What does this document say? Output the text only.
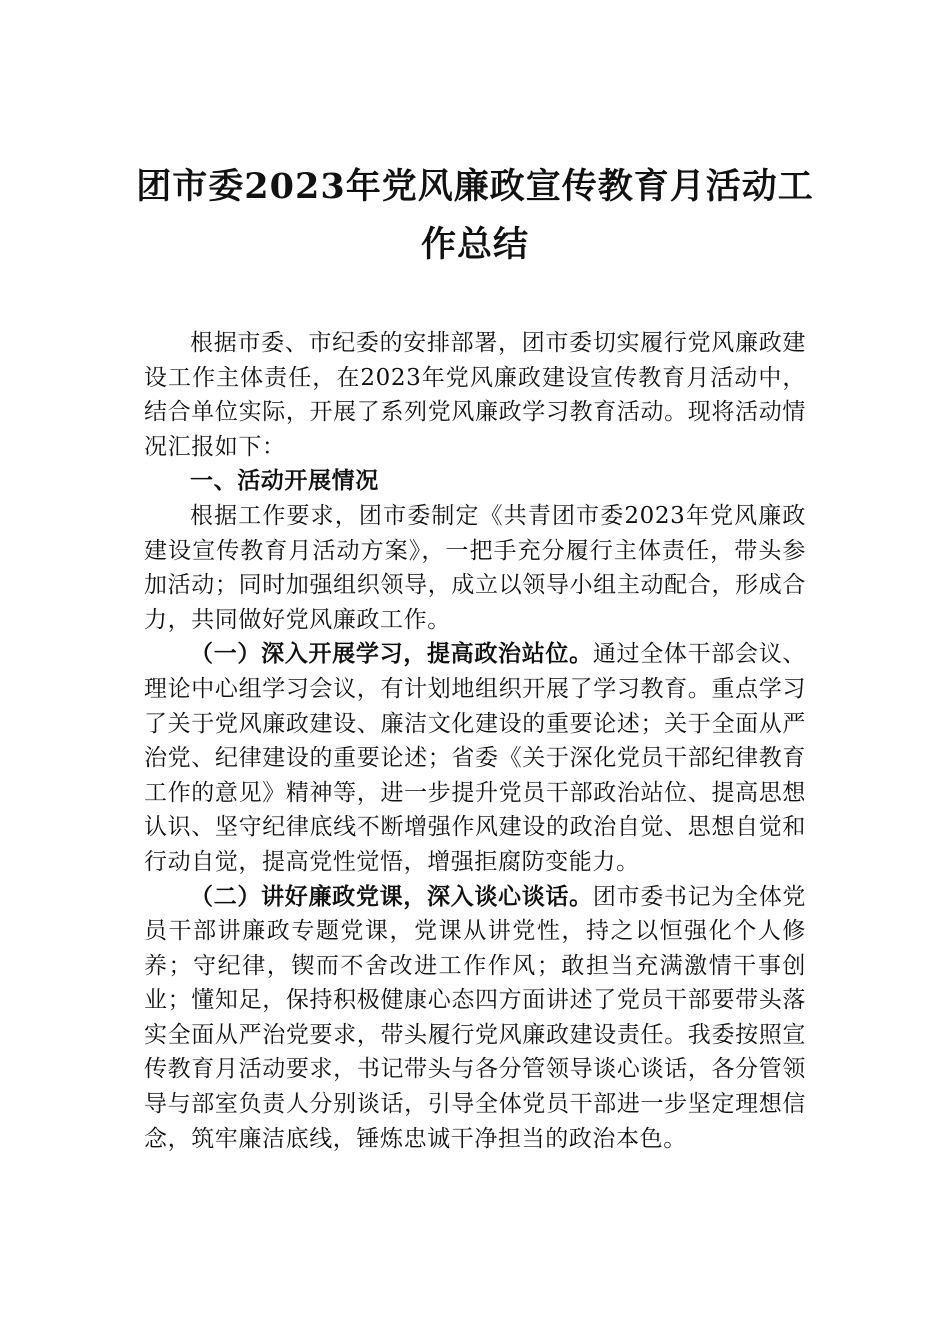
团市委2023年党风廉政宣传教育月活动工
作总结

根据市委、市纪委的安排部署，团市委切实履行党风廉政建设工作主体责任，在2023年党风廉政建设宣传教育月活动中，结合单位实际，开展了系列党风廉政学习教育活动。现将活动情况汇报如下：

一、活动开展情况

根据工作要求，团市委制定《共青团市委2023年党风廉政建设宣传教育月活动方案》，一把手充分履行主体责任，带头参加活动；同时加强组织领导，成立以领导小组主动配合，形成合力，共同做好党风廉政工作。

（一）深入开展学习，提高政治站位。通过全体干部会议、理论中心组学习会议，有计划地组织开展了学习教育。重点学习了关于党风廉政建设、廉洁文化建设的重要论述；关于全面从严治党、纪律建设的重要论述；省委《关于深化党员干部纪律教育工作的意见》精神等，进一步提升党员干部政治站位、提高思想认识、坚守纪律底线不断增强作风建设的政治自觉、思想自觉和行动自觉，提高党性觉悟，增强拒腐防变能力。

（二）讲好廉政党课，深入谈心谈话。团市委书记为全体党员干部讲廉政专题党课，党课从讲党性，持之以恒强化个人修养；守纪律，锲而不舍改进工作作风；敢担当充满激情干事创业；懂知足，保持积极健康心态四方面讲述了党员干部要带头落实全面从严治党要求，带头履行党风廉政建设责任。我委按照宣传教育月活动要求，书记带头与各分管领导谈心谈话，各分管领导与部室负责人分别谈话，引导全体党员干部进一步坚定理想信念，筑牢廉洁底线，锤炼忠诚干净担当的政治本色。
